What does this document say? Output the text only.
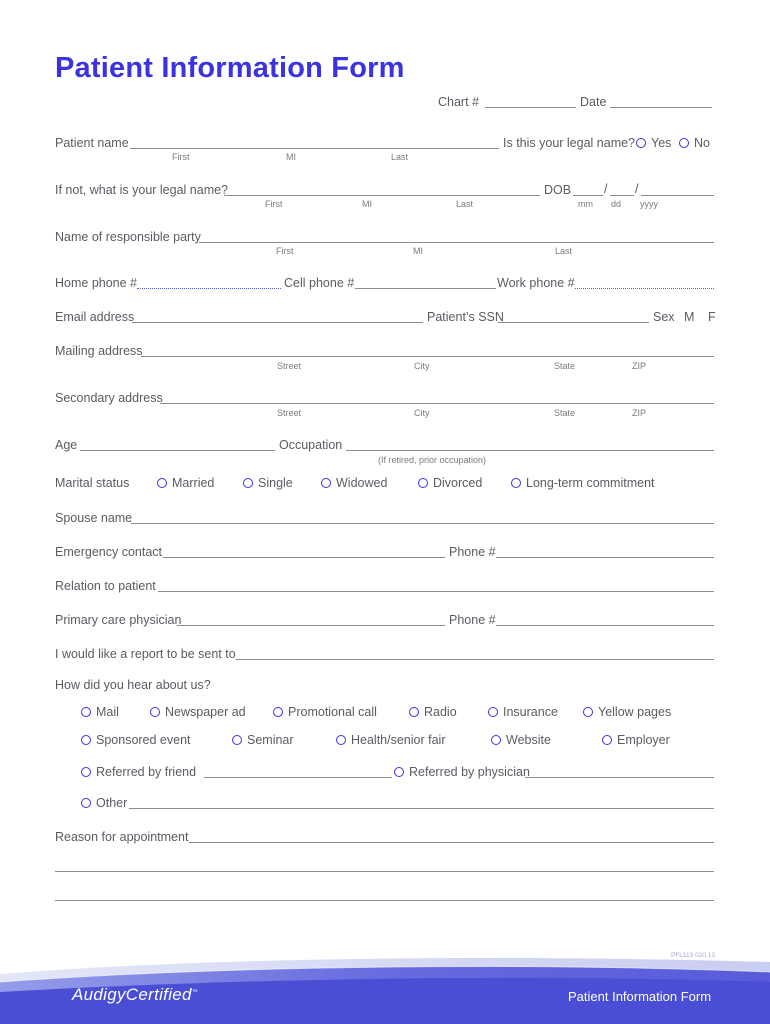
Patient Information Form
Chart #	Date
Patient name
First	MI	Last
Is this your legal name?	Yes	No
If not, what is your legal name?
First	MI	Last
DOB	/ /
mm dd yyyy
Name of responsible party
First	MI	Last
Home phone #	Cell phone #	Work phone #
Email address	Patient’s SSN	Sex M F
Mailing address
Street	City	State	ZIP
Secondary address
Street	City	State	ZIP
Age	Occupation
(If retired, prior occupation)
Marital status	Married	Single	Widowed	Divorced	Long-term commitment
Spouse name
Emergency contact	Phone #
Relation to patient
Primary care physician	Phone #
I would like a report to be sent to
How did you hear about us?
Mail	Newspaper ad	Promotional call	Radio	Insurance	Yellow pages
Sponsored event	Seminar	Health/senior fair	Website	Employer
Referred by friend	Referred by physician
Other
Reason for appointment
PFL113 020.13
AudigyCertified™	Patient Information Form
